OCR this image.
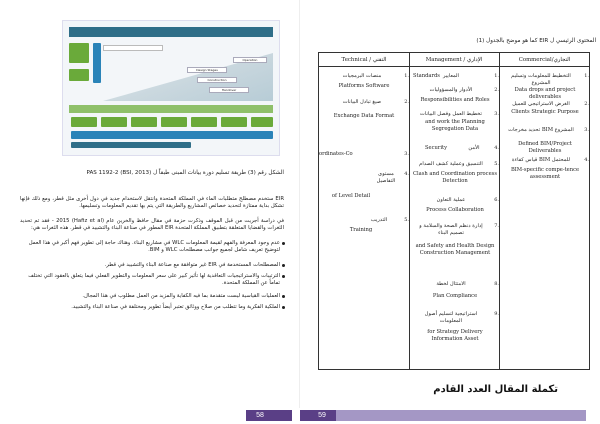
Design Stages
Construction
Handover
Operation
الشكل رقم (3) طريقة تسليم دورة بيانات المبنى طبقاً ل PAS 1192-2 (BSI, 2013)

EIR ستخدم مصطلح متطلبات الماء في المملكة المتحدة وانتقل لاستخدام جديد في دول أخرى مثل قطر، ومع ذلك فإنها تشكل بداية ممتازة لتحديد خصائص المشاريع والطريقة التي يتم بها تقديم المعلومات وتسليمها.

في دراسة أجريت من قبل الموقف وذكرت حزمة في مقال حافظ والخرين عام (Hafiz et al) 2015 - فقد تم تحديد الثغرات والقضايا المتعلقة بتطبيق المملكة المتحدة EIR المطور في صناعة البناء والتشييد في قطر. هذه الثغرات هي:

عدم وجود المعرفة والفهم لقيمة المعلومات WLC في مشاريع البناء. وهناك حاجة إلى تطوير فهم أكبر في هذا العمل لتوضيح تعريف شامل لجميع جوانب مصطلحات WLC و BIM.

المصطلحات المستخدمة في EIR غير متوافقة مع صناعة البناء والتشييد في قطر.

الترتيبات والاستراتيجيات التعاقدية لها تأثير كبير على سعر المعلومات والتطوير الفعلي فيما يتعلق بالعقود التي تختلف تماماً عن المملكة المتحدة.

العمليات القياسية ليست متقدمة بما فيه الكفاية والمزيد من العمل مطلوب في هذا المجال.

الملكية الفكرية وما تتطلب من صلاح ووثائق تعتبر أيضاً تطوير ومختلفة في صناعة البناء والتشييد.

المحتوى الرئيسي ل EIR كما هو موضح بالجدول (1)

Commercial/التجاري
Management / الإداري
Technical / التقني
1.
التخطيط للمعلومات وتسليم المشروع
Data drops and project deliverables
2.
الغرض الاستراتيجي للعميل
Clients Strategic Purpose
3.
تحديد مخرجات BIM المشروع
Defined BIM/Project Deliverables
4.
قياس كفاءة BIM للمحتمل
BIM-specific compe-tence assessment
1.
المعايير
Standards
2.
الأدوار والمسؤوليات
Responsibilities and Roles
3.
تخطيط العمل وفصل البيانات
and work the Planning Segregation Data
4.
الأمن
Security
5.
التنسيق وعملية كشف الصدام
Clash and Coordination process Detection
6.
عملية التعاون
Process Collaboration
7.
إدارة دنظم الصحة والسلامة و تصميم البناء
and Safety and Health Design Construction Management
8.
الامتثال لخطة
Plan Compliance
9.
استراتيجية لتسليم أصول المعلومات
for Strategy Delivery Information Asset
1.
منصات البرمجيات
Platforms Software
2.
صيغ تبادل البيانات
Exchange Data Format
3.
ordinates-Co
4.
مستوى التفاصيل
of Level Detail
5.
التدريب
Training

تكملة المقال العدد القادم

58	59
